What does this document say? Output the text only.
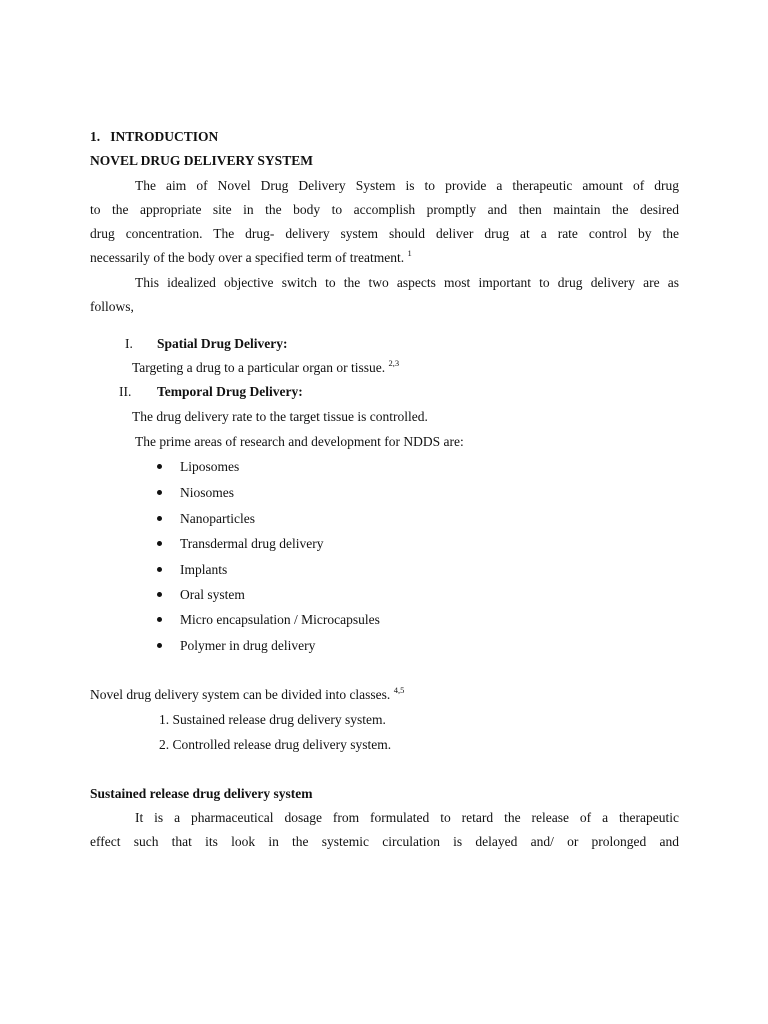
1. INTRODUCTION
NOVEL DRUG DELIVERY SYSTEM
The aim of Novel Drug Delivery System is to provide a therapeutic amount of drug
to the appropriate site in the body to accomplish promptly and then maintain the desired
drug concentration. The drug- delivery system should deliver drug at a rate control by the
necessarily of the body over a specified term of treatment. $^1$
This idealized objective switch to the two aspects most important to drug delivery are as
follows,
I. Spatial Drug Delivery:
Targeting a drug to a particular organ or tissue. $^{2,3}$
II. Temporal Drug Delivery:
The drug delivery rate to the target tissue is controlled.
The prime areas of research and development for NDDS are:
Liposomes
Niosomes
Nanoparticles
Transdermal drug delivery
Implants
Oral system
Micro encapsulation / Microcapsules
Polymer in drug delivery
Novel drug delivery system can be divided into classes. $^{4,5}$
1. Sustained release drug delivery system.
2. Controlled release drug delivery system.
Sustained release drug delivery system
It is a pharmaceutical dosage from formulated to retard the release of a therapeutic
effect such that its look in the systemic circulation is delayed and/ or prolonged and
